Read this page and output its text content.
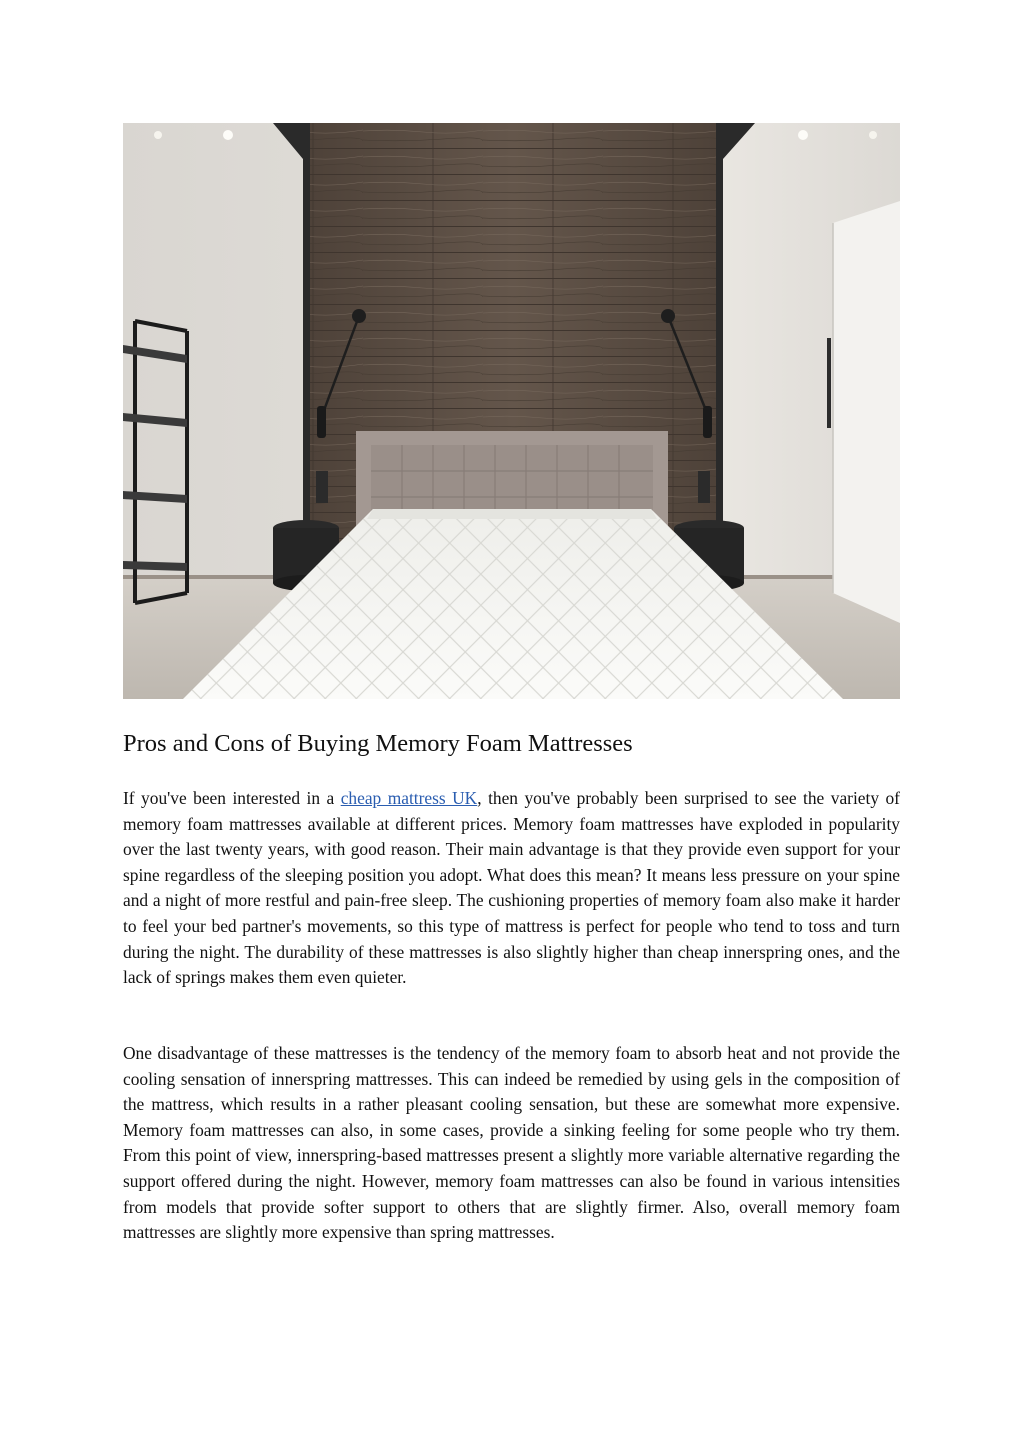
Pros and Cons of Buying Memory Foam Mattresses

If you've been interested in a cheap mattress UK, then you've probably been surprised to see the variety of memory foam mattresses available at different prices. Memory foam mattresses have exploded in popularity over the last twenty years, with good reason. Their main advantage is that they provide even support for your spine regardless of the sleeping position you adopt. What does this mean? It means less pressure on your spine and a night of more restful and pain-free sleep. The cushioning properties of memory foam also make it harder to feel your bed partner's movements, so this type of mattress is perfect for people who tend to toss and turn during the night. The durability of these mattresses is also slightly higher than cheap innerspring ones, and the lack of springs makes them even quieter.

One disadvantage of these mattresses is the tendency of the memory foam to absorb heat and not provide the cooling sensation of innerspring mattresses. This can indeed be remedied by using gels in the composition of the mattress, which results in a rather pleasant cooling sensation, but these are somewhat more expensive. Memory foam mattresses can also, in some cases, provide a sinking feeling for some people who try them. From this point of view, innerspring-based mattresses present a slightly more variable alternative regarding the support offered during the night. However, memory foam mattresses can also be found in various intensities from models that provide softer support to others that are slightly firmer. Also, overall memory foam mattresses are slightly more expensive than spring mattresses.
